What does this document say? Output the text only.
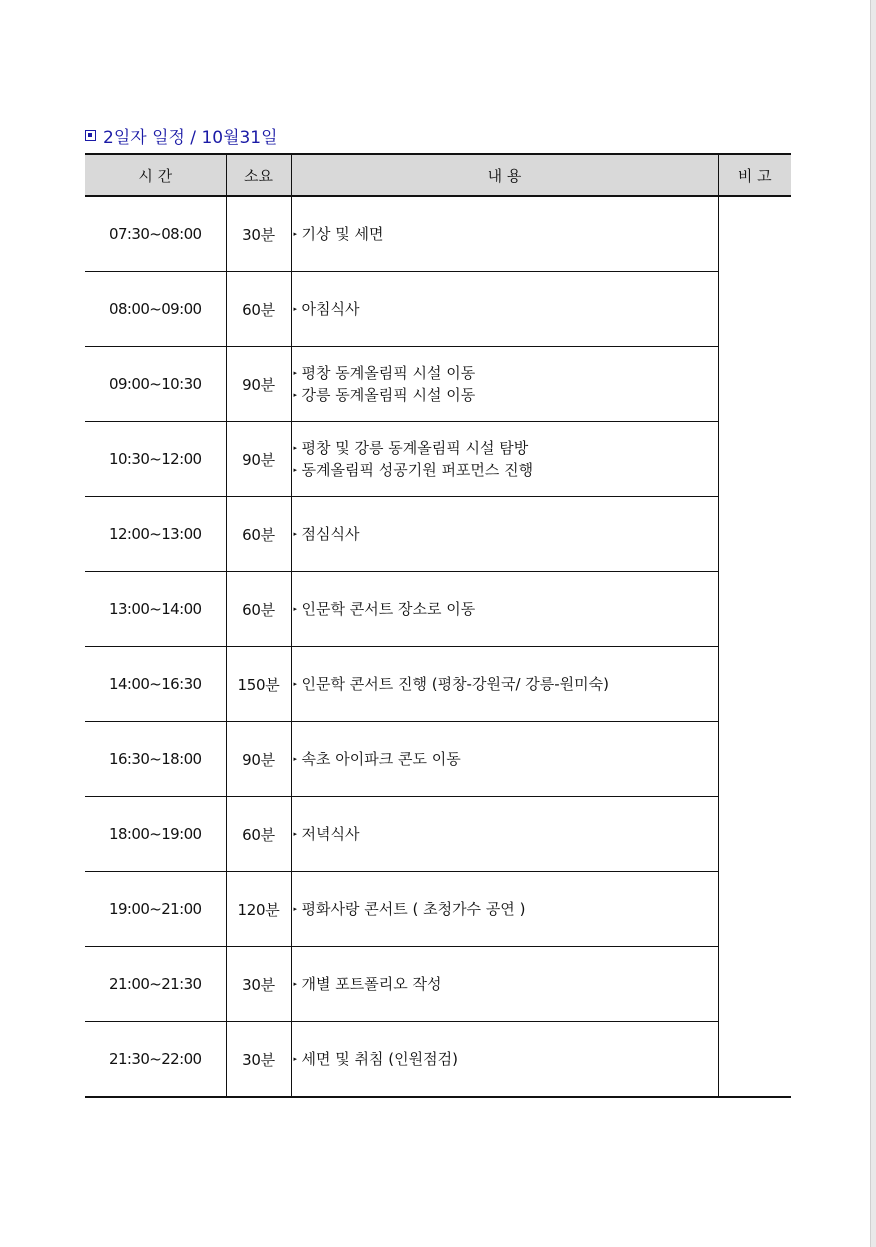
2일자 일정 / 10월31일
시 간	소요	내 용	비 고
07:30~08:00	30분	▸ 기상 및 세면	

08:00~09:00	60분	▸ 아침식사	

09:00~10:30	90분	▸ 평창 동계올림픽 시설 이동
▸ 강릉 동계올림픽 시설 이동	

10:30~12:00	90분	▸ 평창 및 강릉 동계올림픽 시설 탐방
▸ 동계올림픽 성공기원 퍼포먼스 진행	

12:00~13:00	60분	▸ 점심식사	

13:00~14:00	60분	▸ 인문학 콘서트 장소로 이동	

14:00~16:30	150분	▸ 인문학 콘서트 진행 (평창-강원국/ 강릉-원미숙)	

16:30~18:00	90분	▸ 속초 아이파크 콘도 이동	

18:00~19:00	60분	▸ 저녁식사	

19:00~21:00	120분	▸ 평화사랑 콘서트 ( 초청가수 공연 )	

21:00~21:30	30분	▸ 개별 포트폴리오 작성	

21:30~22:00	30분	▸ 세면 및 취침 (인원점검)	
